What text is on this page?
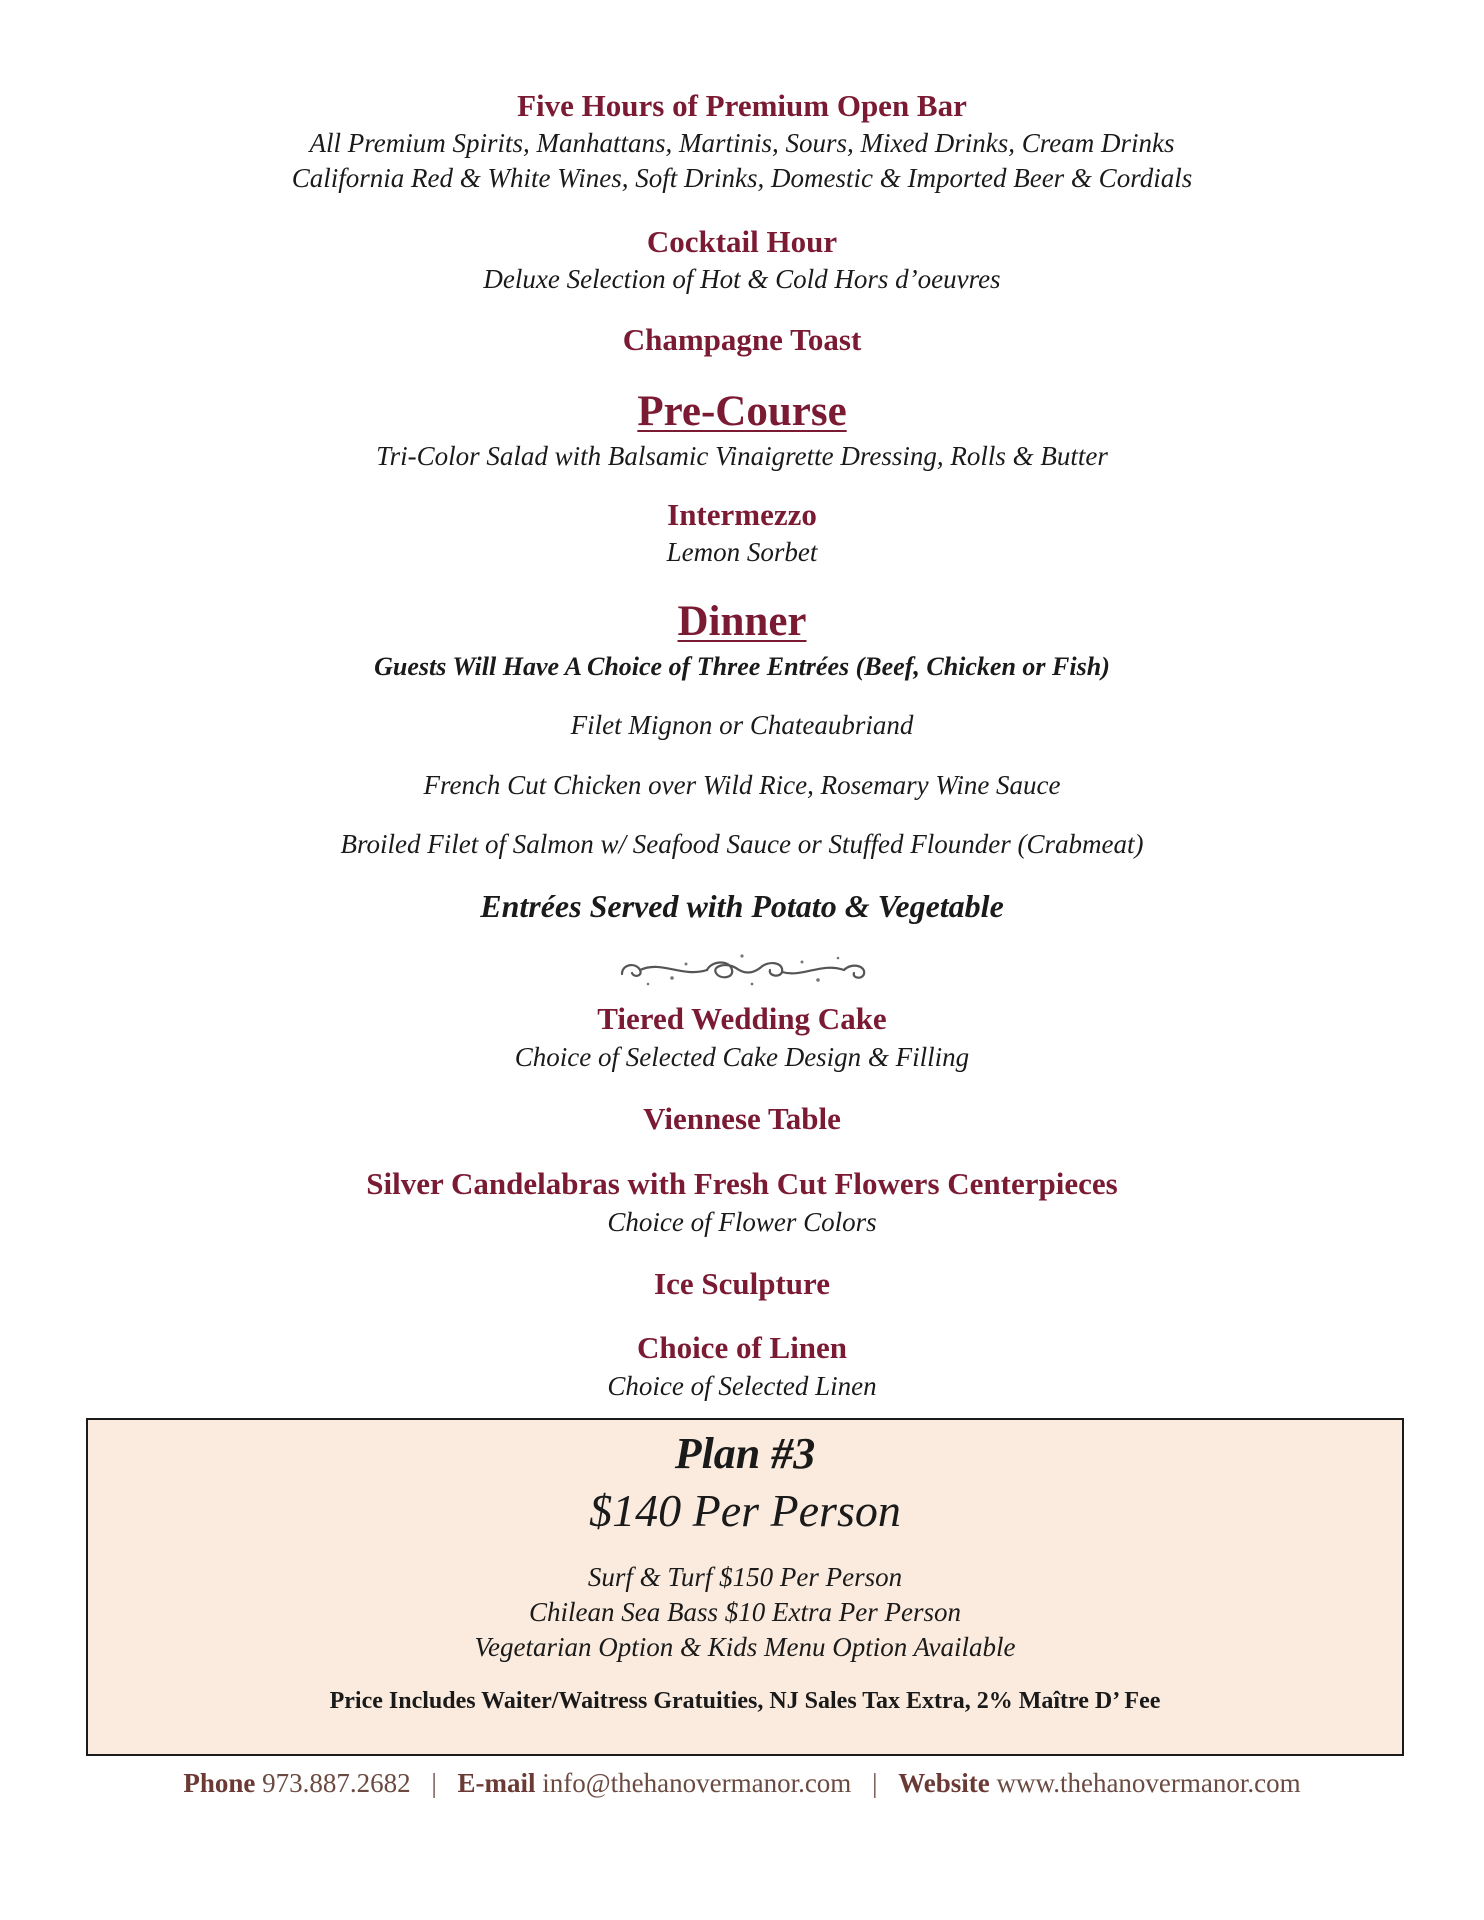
Five Hours of Premium Open Bar
All Premium Spirits, Manhattans, Martinis, Sours, Mixed Drinks, Cream Drinks
California Red & White Wines, Soft Drinks, Domestic & Imported Beer & Cordials
Cocktail Hour
Deluxe Selection of Hot & Cold Hors d’oeuvres
Champagne Toast
Pre-Course
Tri-Color Salad with Balsamic Vinaigrette Dressing, Rolls & Butter
Intermezzo
Lemon Sorbet
Dinner
Guests Will Have A Choice of Three Entrées (Beef, Chicken or Fish)
Filet Mignon or Chateaubriand
French Cut Chicken over Wild Rice, Rosemary Wine Sauce
Broiled Filet of Salmon w/ Seafood Sauce or Stuffed Flounder (Crabmeat)
Entrées Served with Potato & Vegetable
Tiered Wedding Cake
Choice of Selected Cake Design & Filling
Viennese Table
Silver Candelabras with Fresh Cut Flowers Centerpieces
Choice of Flower Colors
Ice Sculpture
Choice of Linen
Choice of Selected Linen
Plan #3
$140 Per Person
Surf & Turf $150 Per Person
Chilean Sea Bass $10 Extra Per Person
Vegetarian Option & Kids Menu Option Available
Price Includes Waiter/Waitress Gratuities, NJ Sales Tax Extra, 2% Maître D’ Fee
Phone 973.887.2682 | E-mail info@thehanovermanor.com | Website www.thehanovermanor.com
